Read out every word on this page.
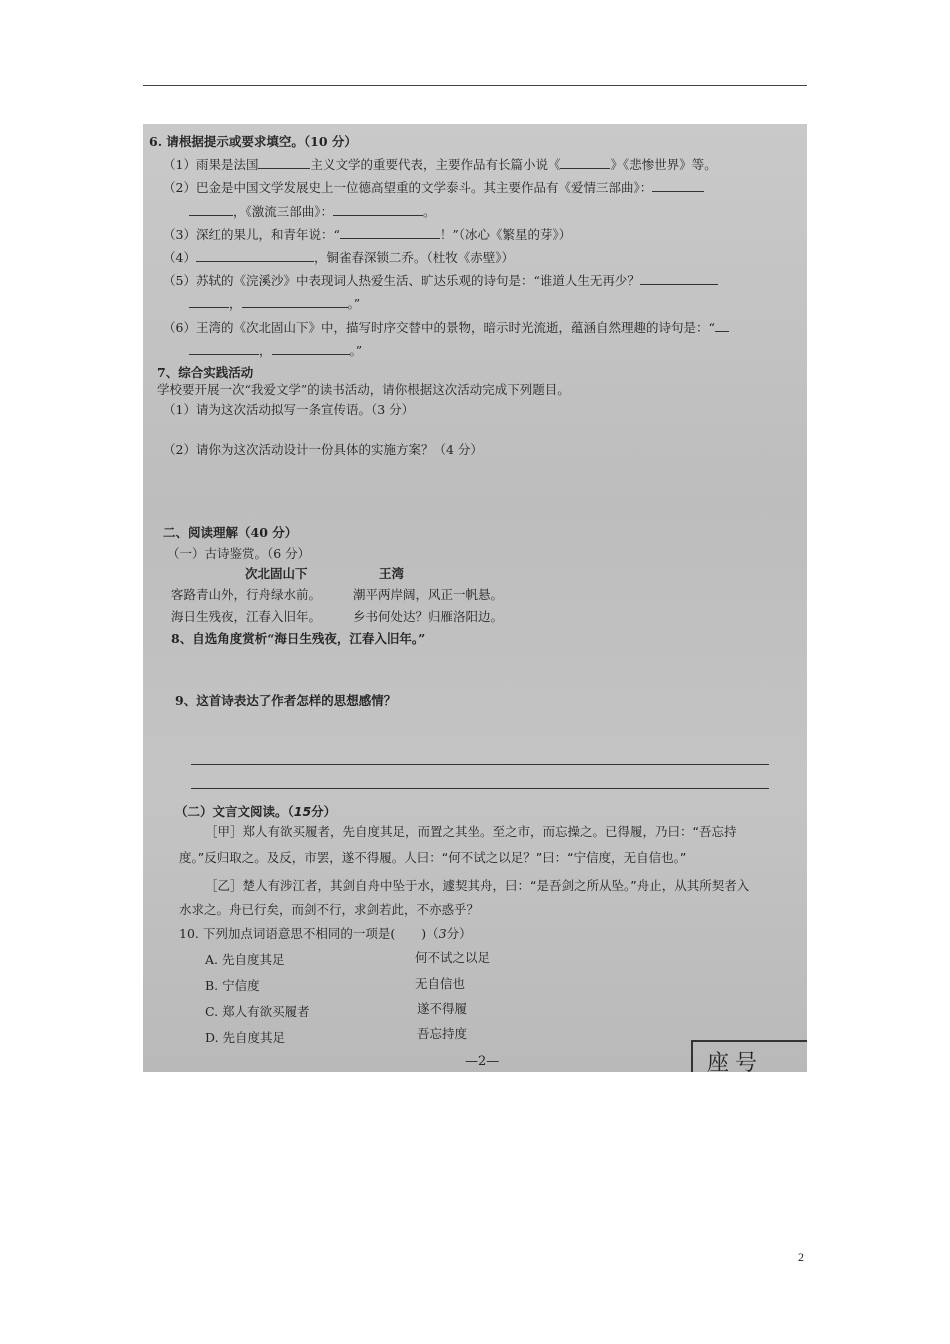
6. 请根据提示或要求填空。（10 分）
（1）雨果是法国	主义文学的重要代表，主要作品有长篇小说《	》《悲惨世界》等。
（2）巴金是中国文学发展史上一位德高望重的文学泰斗。其主要作品有《爱情三部曲》：
，《激流三部曲》：	。
（3）深红的果儿，和青年说：“	！”（冰心《繁星的芽》）
（4）	，铜雀春深锁二乔。（杜牧《赤壁》）
（5）苏轼的《浣溪沙》中表现词人热爱生活、旷达乐观的诗句是：“谁道人生无再少？
，	。”
（6）王湾的《次北固山下》中，描写时序交替中的景物，暗示时光流逝，蕴涵自然理趣的诗句是：“
，	。”
7、综合实践活动
学校要开展一次“我爱文学”的读书活动，请你根据这次活动完成下列题目。
（1）请为这次活动拟写一条宣传语。（3 分）
（2）请你为这次活动设计一份具体的实施方案？（4 分）
二、阅读理解（40 分）
（一）古诗鉴赏。（6 分）
次北固山下	王湾
客路青山外，行舟绿水前。	潮平两岸阔，风正一帆悬。
海日生残夜，江春入旧年。	乡书何处达？归雁洛阳边。
8、自选角度赏析“海日生残夜，江春入旧年。”
9、这首诗表达了作者怎样的思想感情？
（二）文言文阅读。（15分）
［甲］郑人有欲买履者，先自度其足，而置之其坐。至之市，而忘操之。已得履，乃曰：“吾忘持
度。”反归取之。及反，市罢，遂不得履。人曰：“何不试之以足？”曰：“宁信度，无自信也。”
［乙］楚人有涉江者，其剑自舟中坠于水，遽契其舟，曰：“是吾剑之所从坠。”舟止，从其所契者入
水求之。舟已行矣，而剑不行，求剑若此，不亦惑乎？
10. 下列加点词语意思不相同的一项是( )（3分）
A. 先自度其足	何不试之以足
B. 宁信度	无自信也
C. 郑人有欲买履者	遂不得履
D. 先自度其足	吾忘持度
—2—	座号
2
